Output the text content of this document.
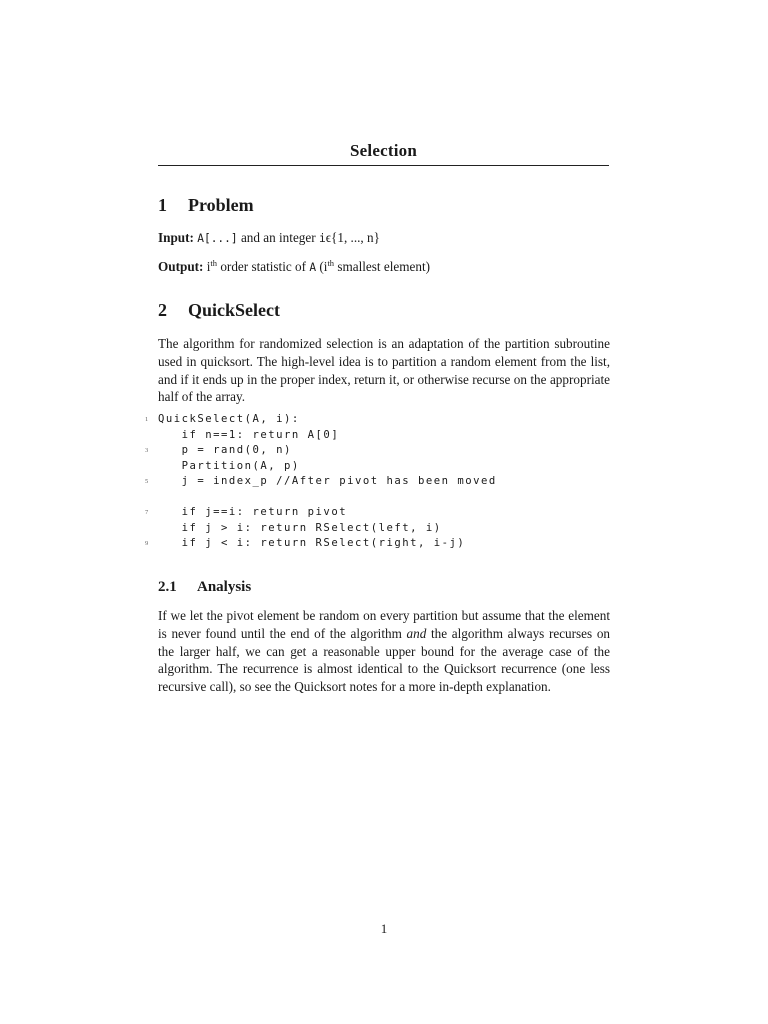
Selection
1 Problem
Input: A[...] and an integer iϵ{1, ..., n}
Output: $i^{th}$ order statistic of A ($i^{th}$ smallest element)
2 QuickSelect
The algorithm for randomized selection is an adaptation of the partition subroutine used in quicksort. The high-level idea is to partition a random element from the list, and if it ends up in the proper index, return it, or otherwise recurse on the appropriate half of the array.
1 QuickSelect(A, i):
if n==1: return A[0]
3 p = rand(0, n)
Partition(A, p)
5 j = index_p //After pivot has been moved
7 if j==i: return pivot
if j > i: return RSelect(left, i)
9 if j < i: return RSelect(right, i-j)
2.1 Analysis
If we let the pivot element be random on every partition but assume that the element is never found until the end of the algorithm and the algorithm always recurses on the larger half, we can get a reasonable upper bound for the average case of the algorithm. The recurrence is almost identical to the Quicksort recurrence (one less recursive call), so see the Quicksort notes for a more in-depth explanation.
1
